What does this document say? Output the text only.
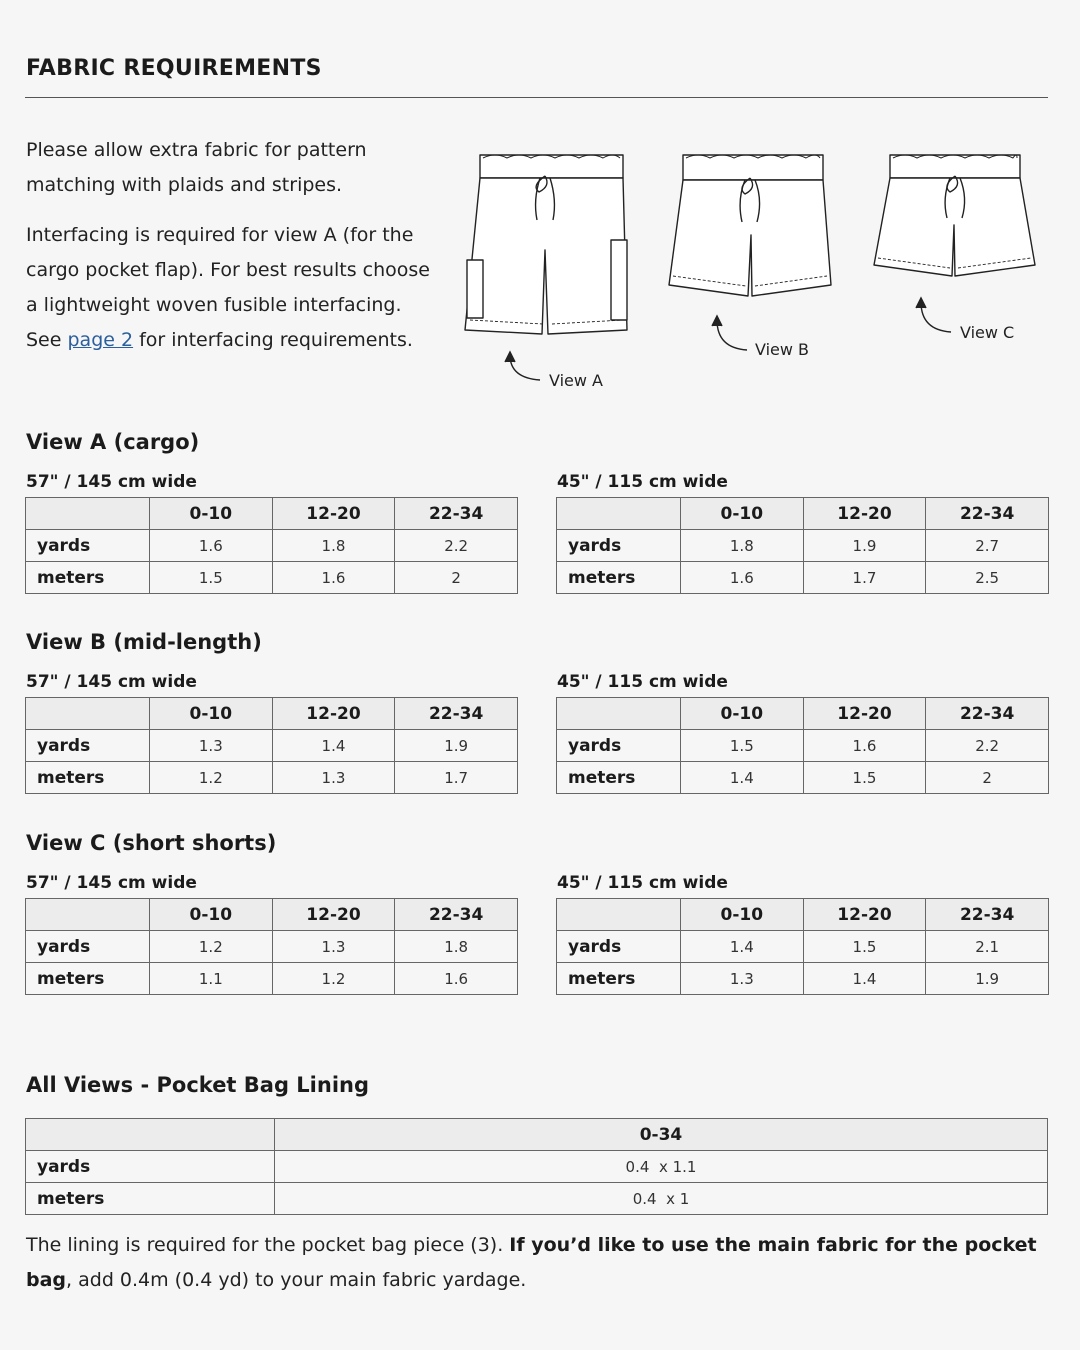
FABRIC REQUIREMENTS

Please allow extra fabric for pattern matching with plaids and stripes.

Interfacing is required for view A (for the cargo pocket flap). For best results choose a lightweight woven fusible interfacing. See page 2 for interfacing requirements.

View A
View B
View C
View A (cargo)

57" / 145 cm wide	45" / 115 cm wide

	0-10	12-20	22-34
yards	1.6	1.8	2.2
meters	1.5	1.6	2
	0-10	12-20	22-34
yards	1.8	1.9	2.7
meters	1.6	1.7	2.5
View B (mid-length)

57" / 145 cm wide	45" / 115 cm wide

	0-10	12-20	22-34
yards	1.3	1.4	1.9
meters	1.2	1.3	1.7
	0-10	12-20	22-34
yards	1.5	1.6	2.2
meters	1.4	1.5	2
View C (short shorts)

57" / 145 cm wide	45" / 115 cm wide

	0-10	12-20	22-34
yards	1.2	1.3	1.8
meters	1.1	1.2	1.6
	0-10	12-20	22-34
yards	1.4	1.5	2.1
meters	1.3	1.4	1.9
All Views - Pocket Bag Lining
	0-34
yards	0.4  x 1.1
meters	0.4  x 1

The lining is required for the pocket bag piece (3). If you’d like to use the main fabric for the pocket bag, add 0.4m (0.4 yd) to your main fabric yardage.
